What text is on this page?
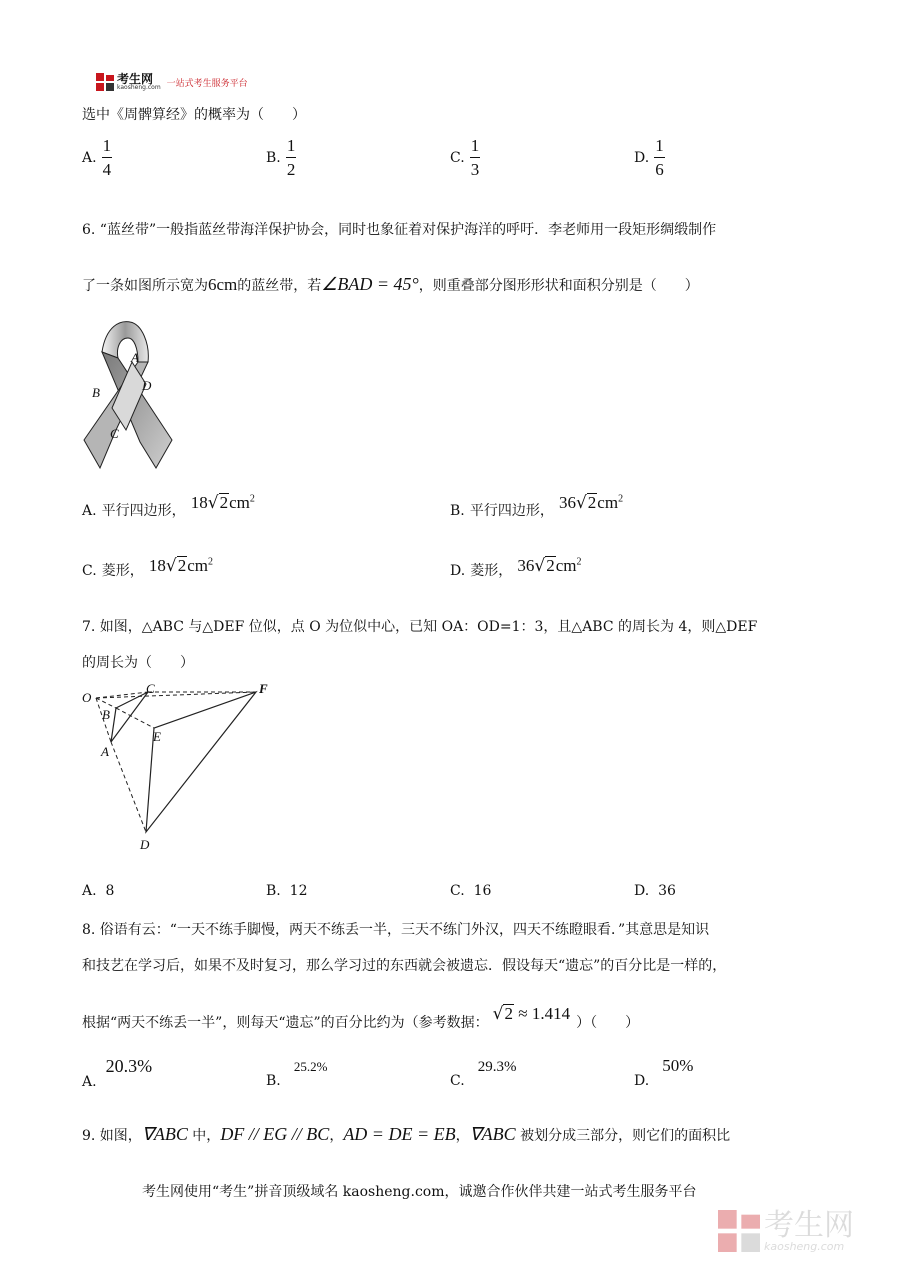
考生网
kaosheng.com 一站式考生服务平台
选中《周髀算经》的概率为（　　）
A. $\frac{1}{4}$	B. $\frac{1}{2}$	C. $\frac{1}{3}$	D. $\frac{1}{6}$
6. “蓝丝带”一般指蓝丝带海洋保护协会，同时也象征着对保护海洋的呼吁．李老师用一段矩形绸缎制作
了一条如图所示宽为6cm的蓝丝带，若∠BAD = 45°，则重叠部分图形形状和面积分别是（　　）
A
B
C
D
A. 平行四边形， $18√2cm^2$
B. 平行四边形， $36√2cm^2$
C. 菱形， $18√2cm^2$
D. 菱形， $36√2cm^2$
7. 如图，△ABC 与△DEF 位似，点 O 为位似中心，已知 OA：OD=1：3，且△ABC 的周长为 4，则△DEF
的周长为（　　）
O
C
B
A
E
F
D
A. 8	B. 12	C. 16	D. 36
8. 俗语有云：“一天不练手脚慢，两天不练丢一半，三天不练门外汉，四天不练瞪眼看．”其意思是知识
和技艺在学习后，如果不及时复习，那么学习过的东西就会被遗忘．假设每天“遗忘”的百分比是一样的，
根据“两天不练丢一半”，则每天“遗忘”的百分比约为（参考数据： √2 ≈ 1.414 ）（　　）
A. 20.3%
B. 25.2%
C. 29.3%
D. 50%
9. 如图，∇ABC 中，DF // EG // BC，AD = DE = EB，∇ABC 被划分成三部分，则它们的面积比
考生网使用“考生”拼音顶级域名 kaosheng.com，诚邀合作伙伴共建一站式考生服务平台
考生网
kaosheng.com
